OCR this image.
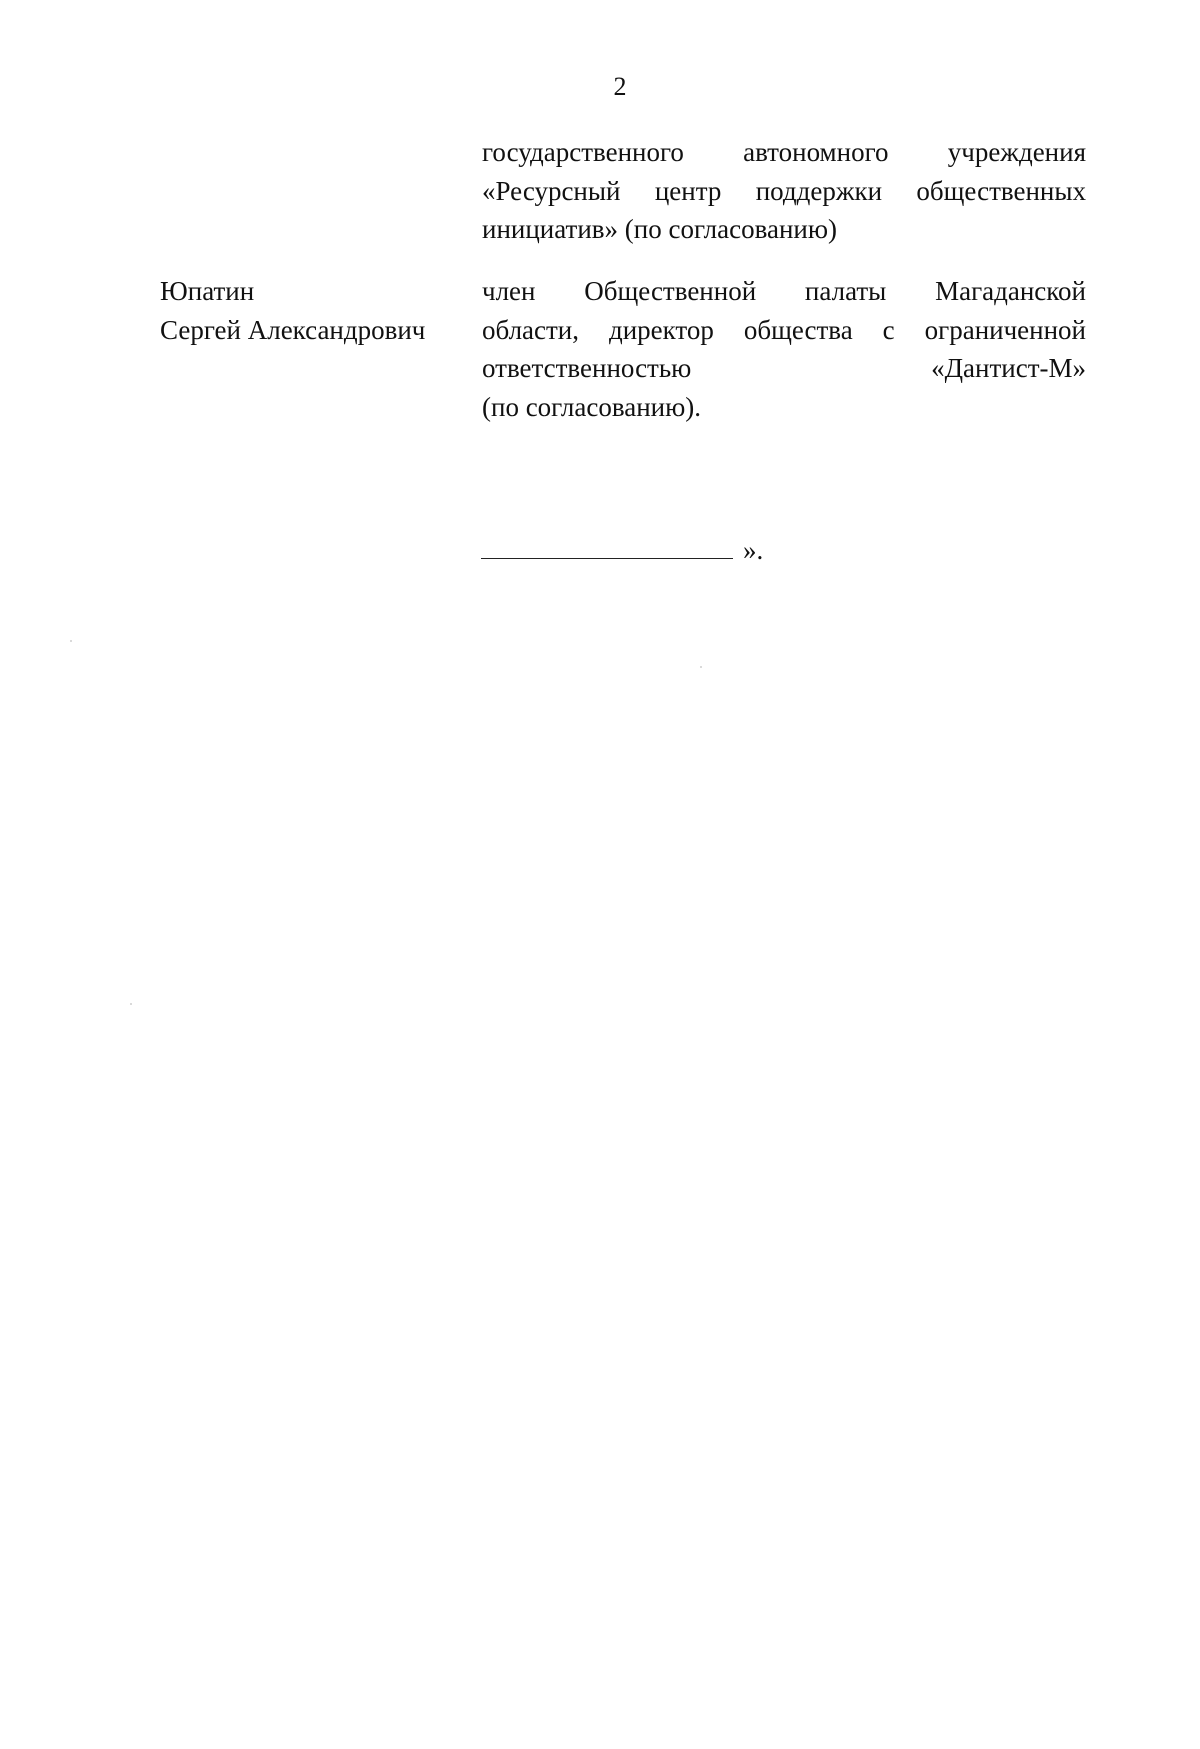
2
государственного автономного учреждения
«Ресурсный центр поддержки общественных
инициатив» (по согласованию)
Юпатин
Сергей Александрович
член Общественной палаты Магаданской
области, директор общества с ограниченной
ответственностью «Дантист-М»
(по согласованию).
».
